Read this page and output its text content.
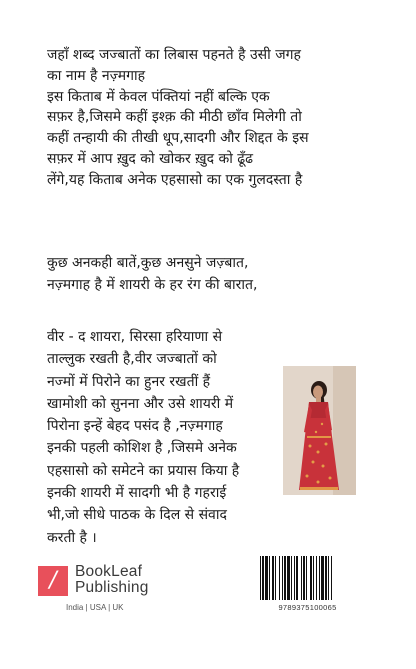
जहाँ शब्द जज्बातों का लिबास पहनते है उसी जगह
का नाम है नज़्मगाह
इस किताब में केवल पंक्तियां नहीं बल्कि एक
सफ़र है,जिसमे कहीं इश्क़ की मीठी छाँव मिलेगी तो
कहीं तन्हायी की तीखी धूप,सादगी और शिद्दत के इस
सफ़र में आप ख़ुद को खोकर ख़ुद को ढूँढ
लेंगे,यह किताब अनेक एहसासो का एक गुलदस्ता है
कुछ अनकही बातें,कुछ अनसुने जज़्बात,
नज़्मगाह है में शायरी के हर रंग की बारात,
वीर - द शायरा, सिरसा हरियाणा से
ताल्लुक रखती है,वीर जज्बातों को
नज्मों में पिरोने का हुनर रखतीं हैं
खामोशी को सुनना और उसे शायरी में
पिरोना इन्हें बेहद पसंद है ,नज़्मगाह
इनकी पहली कोशिश है ,जिसमे अनेक
एहसासो को समेटने का प्रयास किया है
इनकी शायरी में सादगी भी है गहराई
भी,जो सीधे पाठक के दिल से संवाद
करती है ।
/	BookLeaf
Publishing
India | USA | UK	9789375100065
